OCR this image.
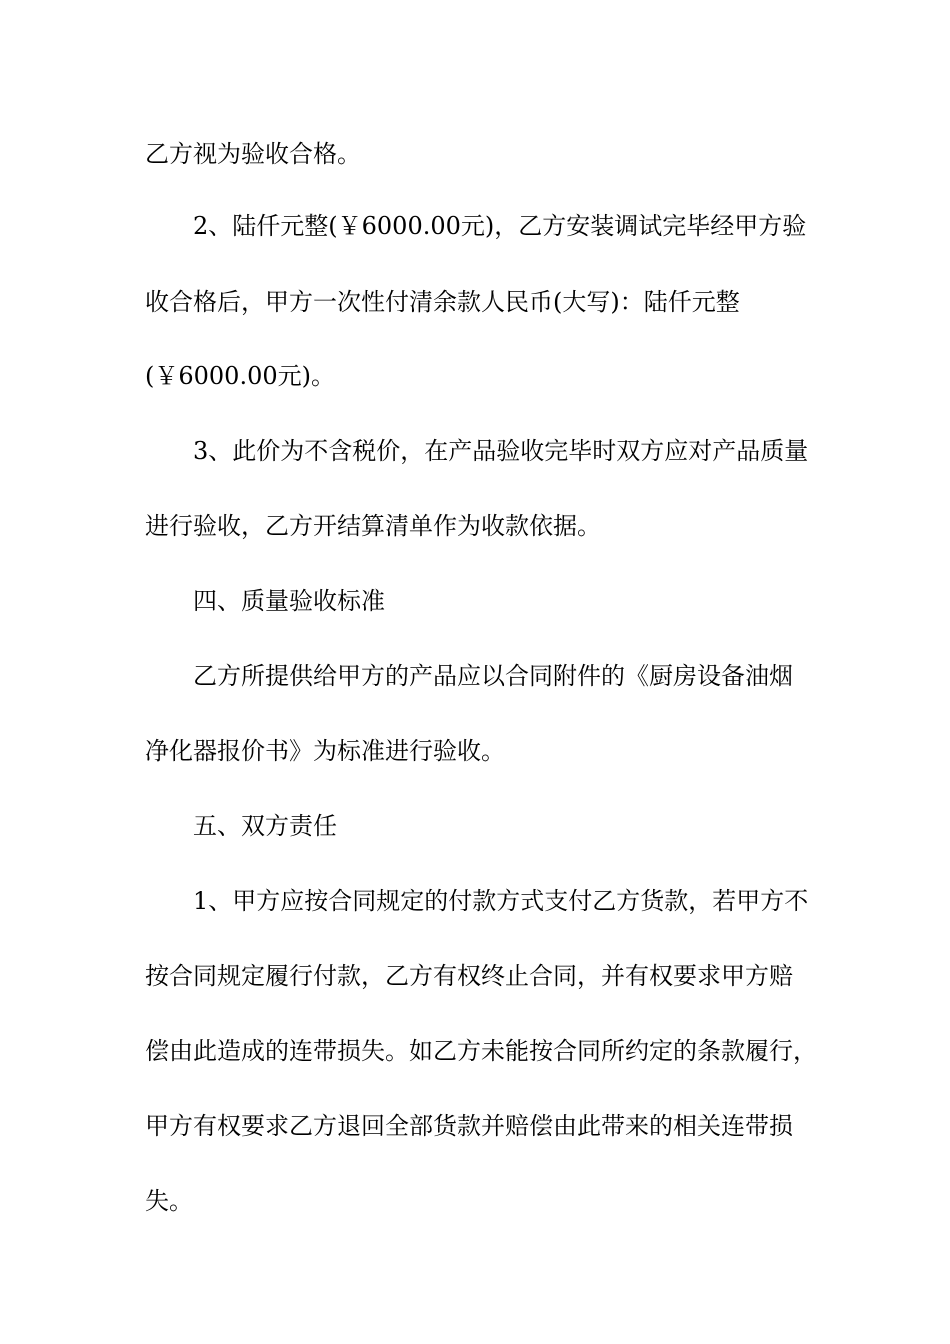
乙方视为验收合格。
2、陆仟元整(￥6000.00元)，乙方安装调试完毕经甲方验
收合格后，甲方一次性付清余款人民币(大写)：陆仟元整
(￥6000.00元)。
3、此价为不含税价，在产品验收完毕时双方应对产品质量
进行验收，乙方开结算清单作为收款依据。
四、质量验收标准
乙方所提供给甲方的产品应以合同附件的《厨房设备油烟
净化器报价书》为标准进行验收。
五、双方责任
1、甲方应按合同规定的付款方式支付乙方货款，若甲方不
按合同规定履行付款，乙方有权终止合同，并有权要求甲方赔
偿由此造成的连带损失。如乙方未能按合同所约定的条款履行，
甲方有权要求乙方退回全部货款并赔偿由此带来的相关连带损
失。
